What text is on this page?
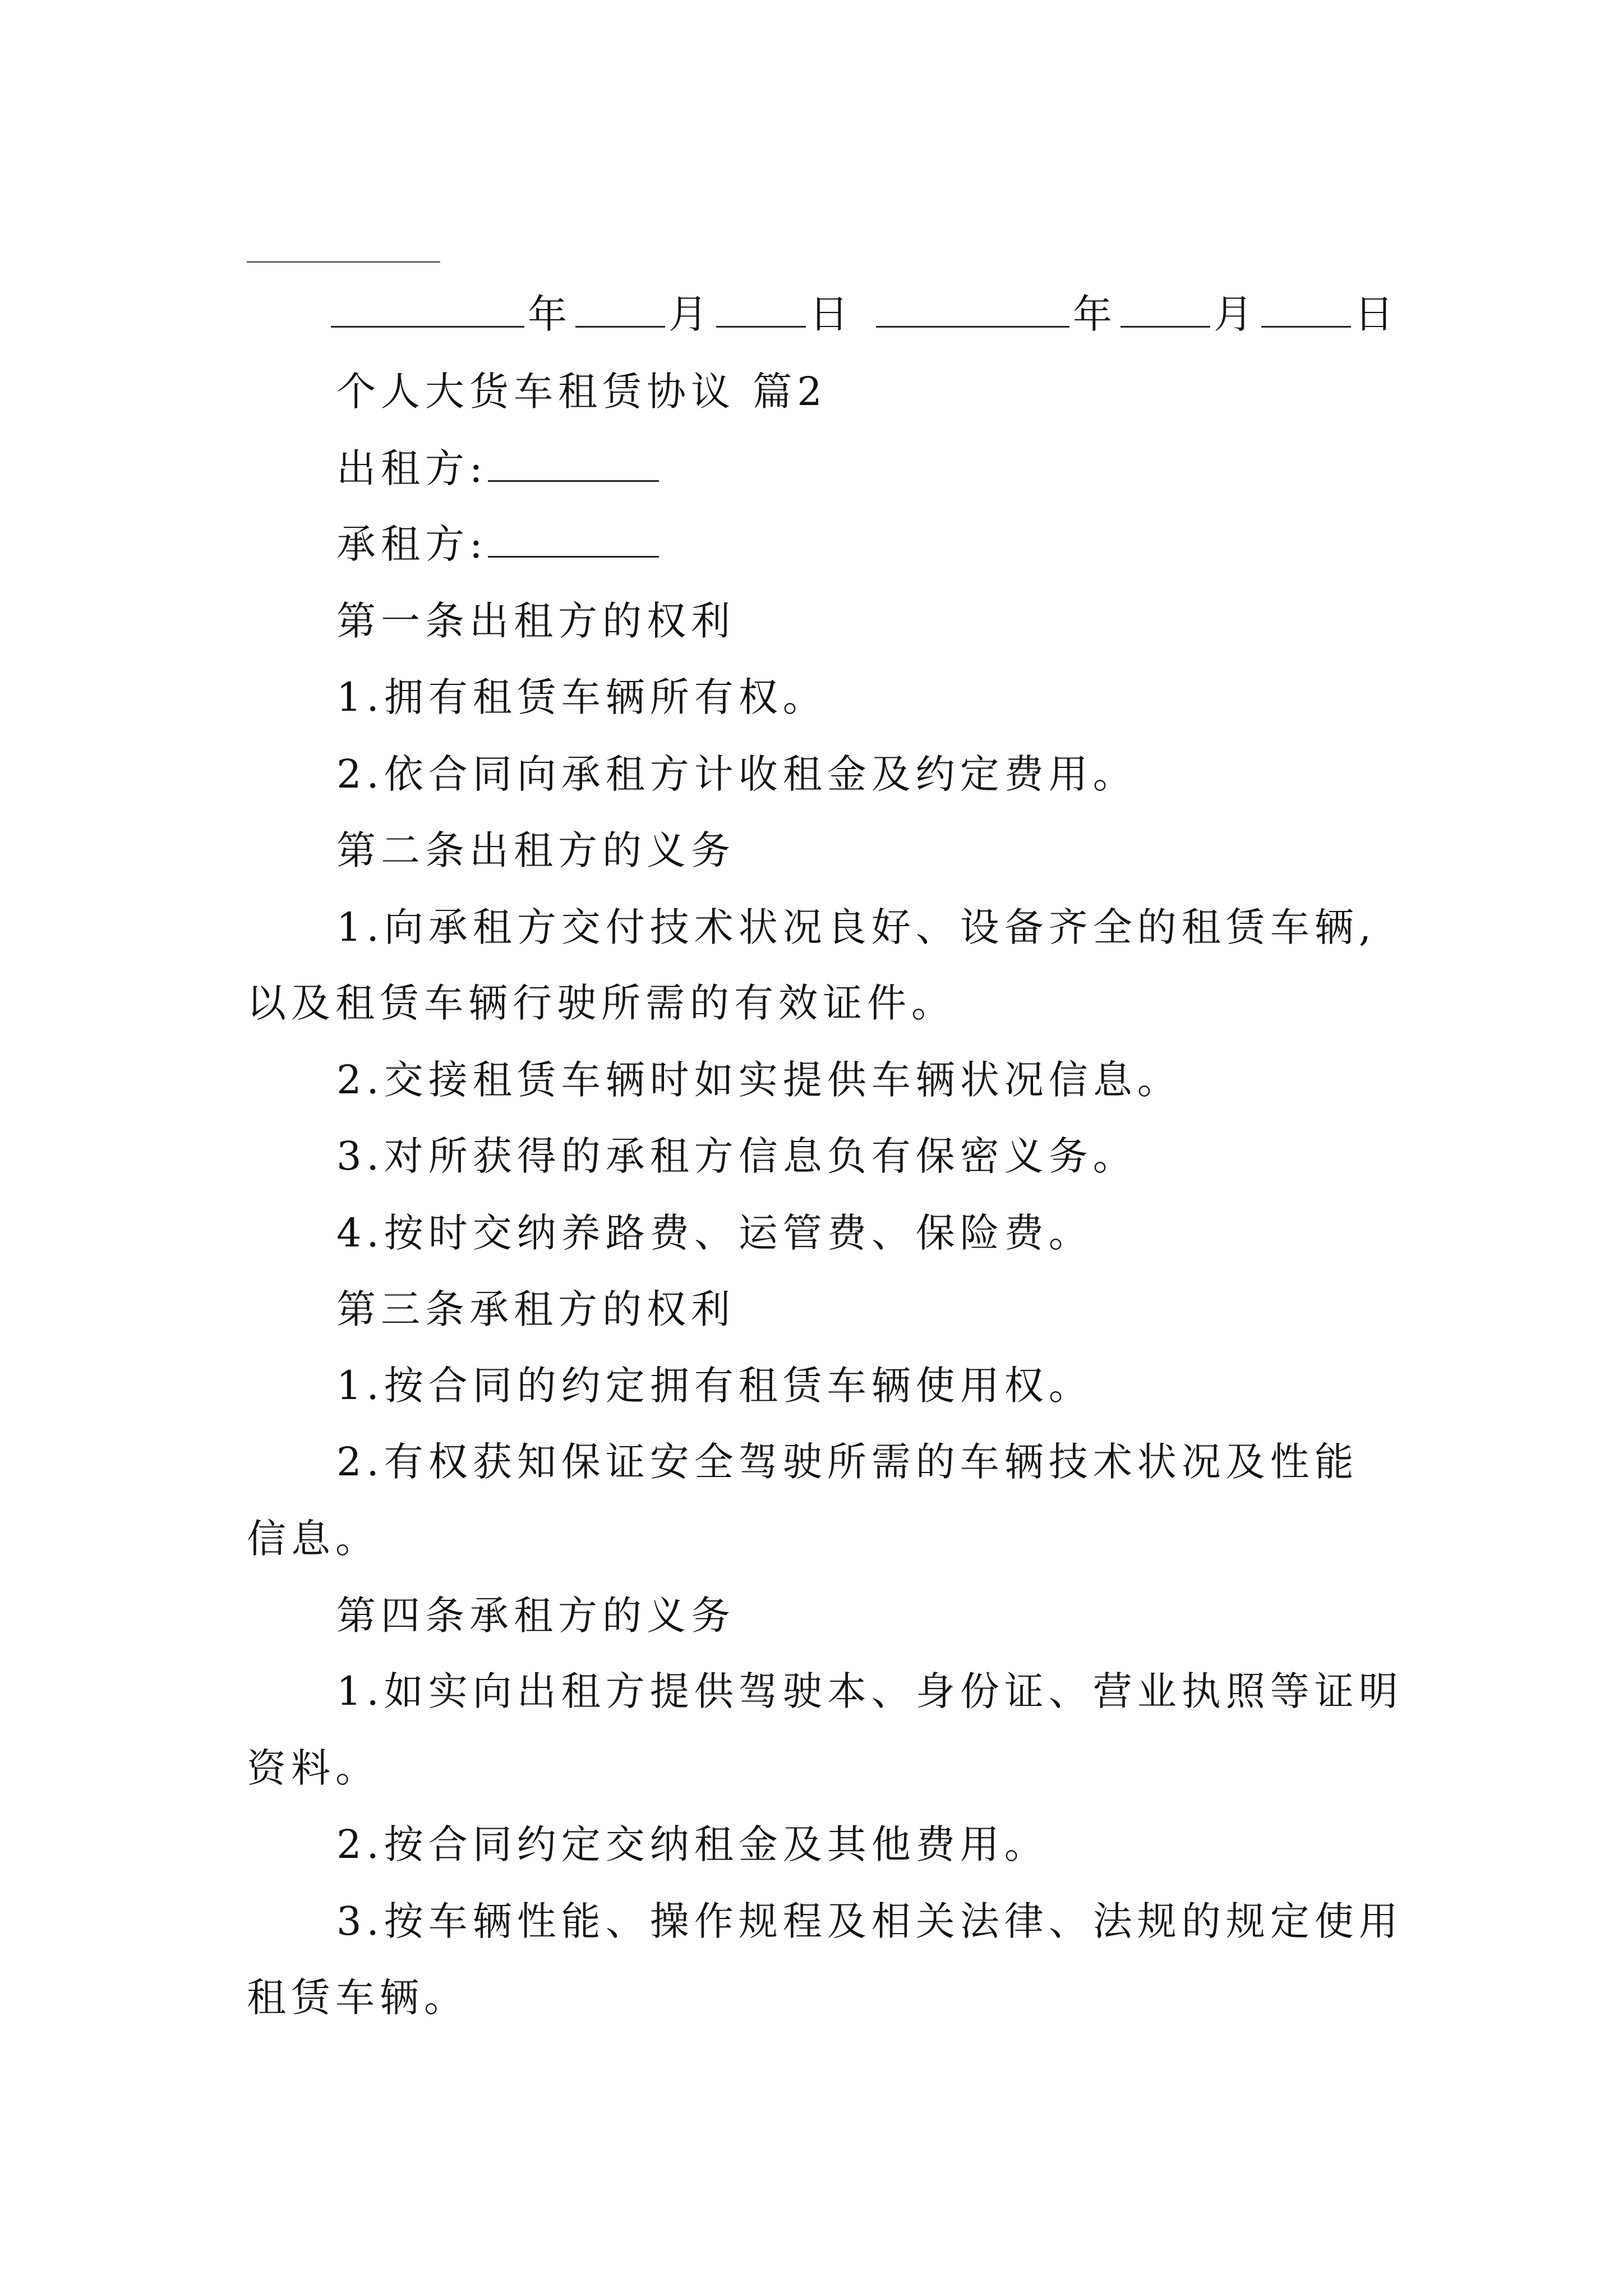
年 月 日	年 月 日
个人大货车租赁协议 篇2
出租方:
承租方:
第一条出租方的权利
1.拥有租赁车辆所有权。
2.依合同向承租方计收租金及约定费用。
第二条出租方的义务
1.向承租方交付技术状况良好、设备齐全的租赁车辆,
以及租赁车辆行驶所需的有效证件。
2.交接租赁车辆时如实提供车辆状况信息。
3.对所获得的承租方信息负有保密义务。
4.按时交纳养路费、运管费、保险费。
第三条承租方的权利
1.按合同的约定拥有租赁车辆使用权。
2.有权获知保证安全驾驶所需的车辆技术状况及性能
信息。
第四条承租方的义务
1.如实向出租方提供驾驶本、身份证、营业执照等证明
资料。
2.按合同约定交纳租金及其他费用。
3.按车辆性能、操作规程及相关法律、法规的规定使用
租赁车辆。
